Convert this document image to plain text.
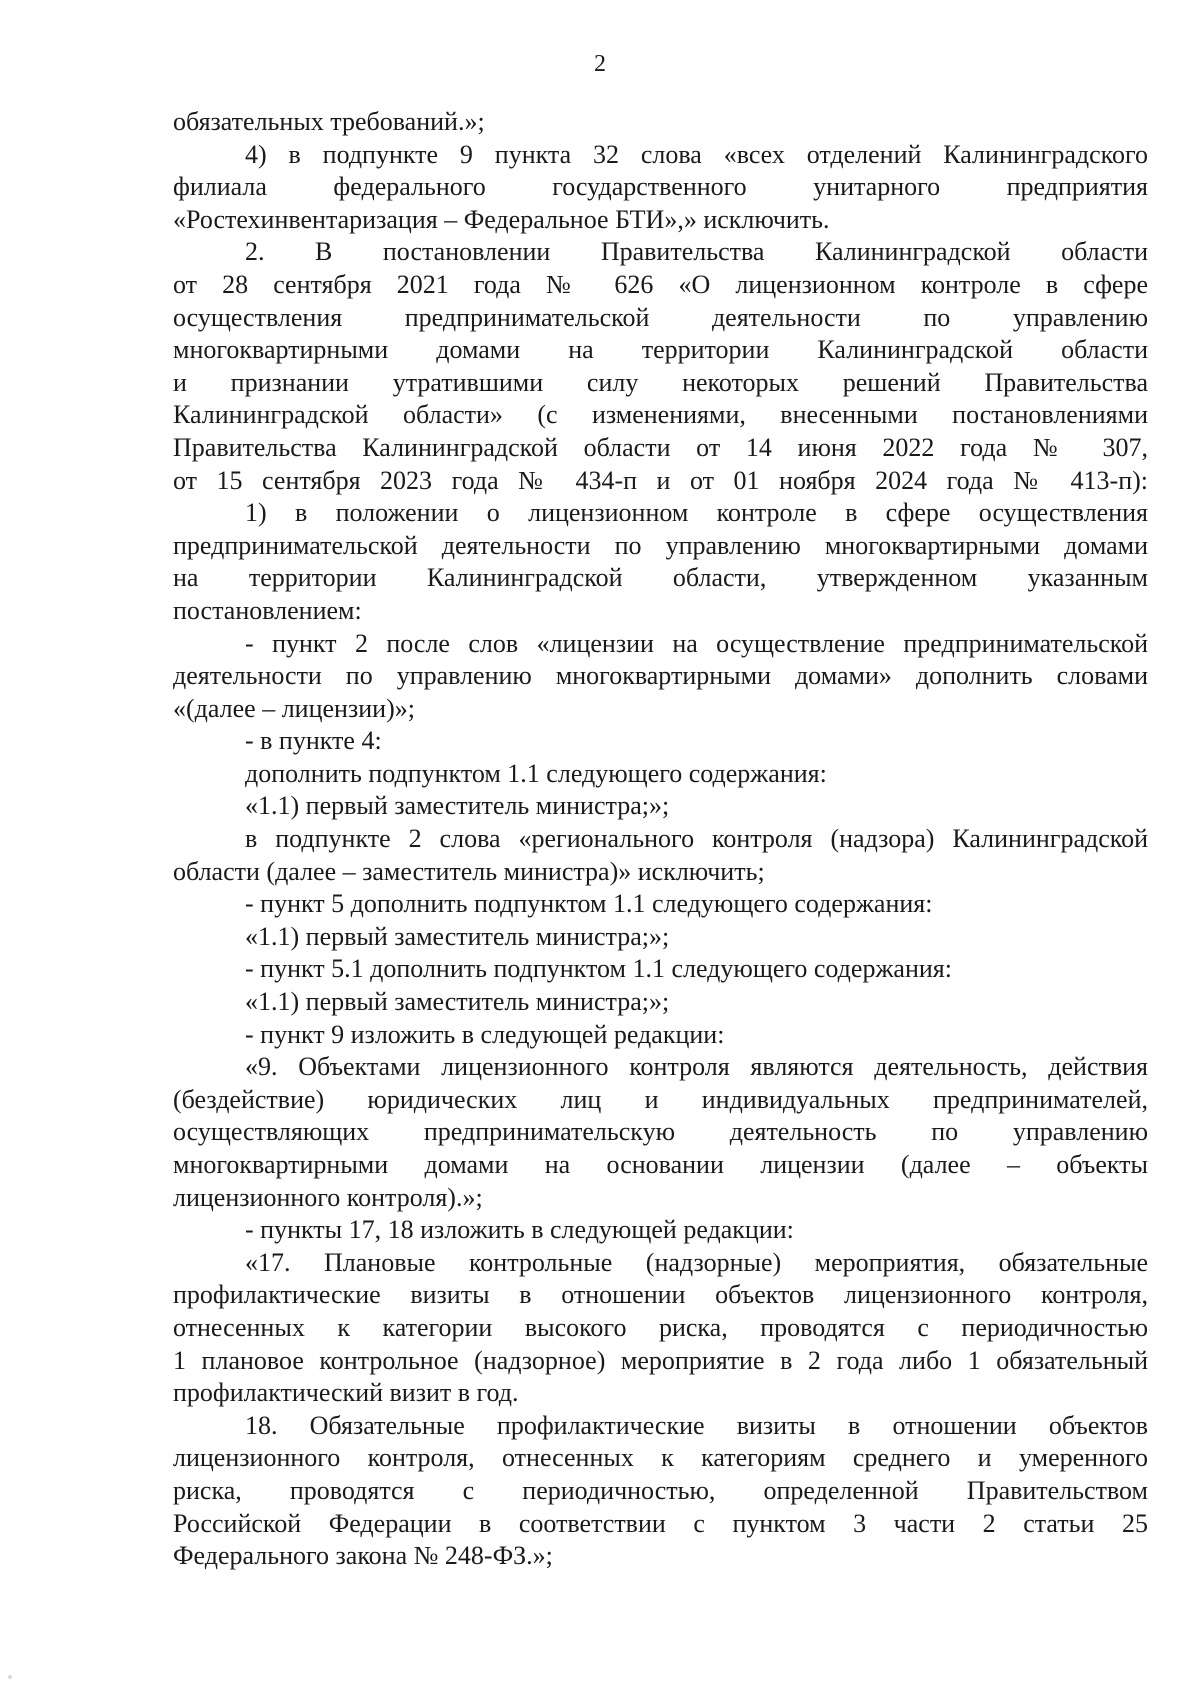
2
обязательных требований.»;
4) в подпункте 9 пункта 32 слова «всех отделений Калининградского
филиала федерального государственного унитарного предприятия
«Ростехинвентаризация – Федеральное БТИ»,» исключить.
2. В постановлении Правительства Калининградской области
от 28 сентября 2021 года № 626 «О лицензионном контроле в сфере
осуществления предпринимательской деятельности по управлению
многоквартирными домами на территории Калининградской области
и признании утратившими силу некоторых решений Правительства
Калининградской области» (с изменениями, внесенными постановлениями
Правительства Калининградской области от 14 июня 2022 года № 307,
от 15 сентября 2023 года № 434-п и от 01 ноября 2024 года № 413-п):
1) в положении о лицензионном контроле в сфере осуществления
предпринимательской деятельности по управлению многоквартирными домами
на территории Калининградской области, утвержденном указанным
постановлением:
- пункт 2 после слов «лицензии на осуществление предпринимательской
деятельности по управлению многоквартирными домами» дополнить словами
«(далее – лицензии)»;
- в пункте 4:
дополнить подпунктом 1.1 следующего содержания:
«1.1) первый заместитель министра;»;
в подпункте 2 слова «регионального контроля (надзора) Калининградской
области (далее – заместитель министра)» исключить;
- пункт 5 дополнить подпунктом 1.1 следующего содержания:
«1.1) первый заместитель министра;»;
- пункт 5.1 дополнить подпунктом 1.1 следующего содержания:
«1.1) первый заместитель министра;»;
- пункт 9 изложить в следующей редакции:
«9. Объектами лицензионного контроля являются деятельность, действия
(бездействие) юридических лиц и индивидуальных предпринимателей,
осуществляющих предпринимательскую деятельность по управлению
многоквартирными домами на основании лицензии (далее – объекты
лицензионного контроля).»;
- пункты 17, 18 изложить в следующей редакции:
«17. Плановые контрольные (надзорные) мероприятия, обязательные
профилактические визиты в отношении объектов лицензионного контроля,
отнесенных к категории высокого риска, проводятся с периодичностью
1 плановое контрольное (надзорное) мероприятие в 2 года либо 1 обязательный
профилактический визит в год.
18. Обязательные профилактические визиты в отношении объектов
лицензионного контроля, отнесенных к категориям среднего и умеренного
риска, проводятся с периодичностью, определенной Правительством
Российской Федерации в соответствии с пунктом 3 части 2 статьи 25
Федерального закона № 248-ФЗ.»;
